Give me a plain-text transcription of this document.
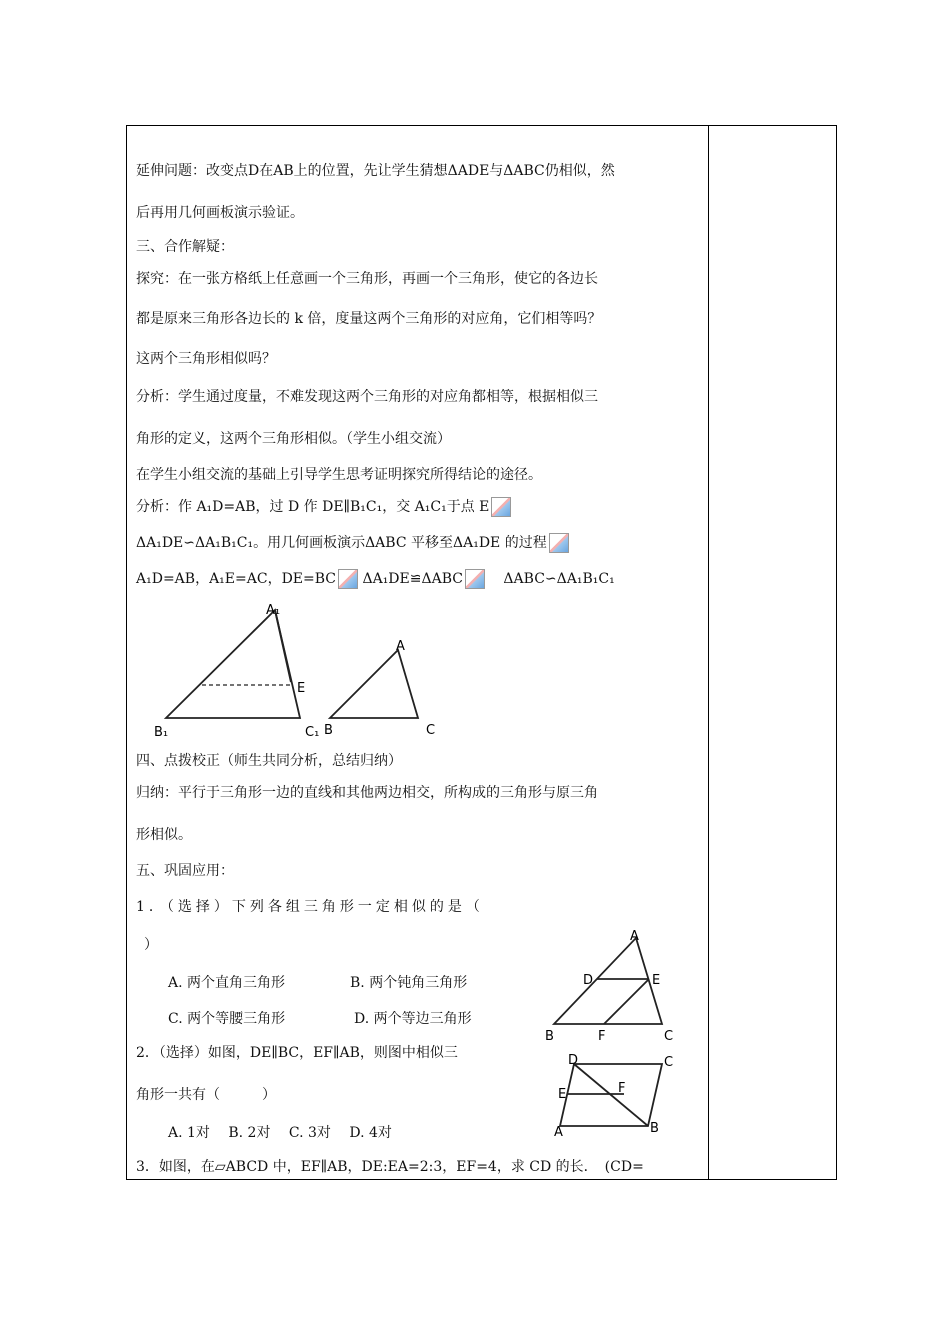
延伸问题：改变点D在AB上的位置，先让学生猜想ΔADE与ΔABC仍相似，然
后再用几何画板演示验证。
三、合作解疑：
探究：在一张方格纸上任意画一个三角形，再画一个三角形，使它的各边长
都是原来三角形各边长的 k 倍，度量这两个三角形的对应角，它们相等吗？
这两个三角形相似吗？
分析：学生通过度量，不难发现这两个三角形的对应角都相等，根据相似三
角形的定义，这两个三角形相似。（学生小组交流）
在学生小组交流的基础上引导学生思考证明探究所得结论的途径。
分析：作 A₁D=AB，过 D 作 DE∥B₁C₁，交 A₁C₁于点 E
ΔA₁DE∽ΔA₁B₁C₁。用几何画板演示ΔABC 平移至ΔA₁DE 的过程
A₁D=AB，A₁E=AC，DE=BC ΔA₁DE≌ΔABC	ΔABC∽ΔA₁B₁C₁
A₁
E
B₁	C₁ B
A
C
四、点拨校正（师生共同分析，总结归纳）
归纳：平行于三角形一边的直线和其他两边相交，所构成的三角形与原三角
形相似。
五、巩固应用：
1．（选择）下列各组三角形一定相似的是（
）
A. 两个直角三角形	B. 两个钝角三角形
C. 两个等腰三角形	D. 两个等边三角形
2．（选择）如图，DE∥BC，EF∥AB，则图中相似三
角形一共有（　　　）
A. 1对　 B. 2对　 C. 3对　 D. 4对
3．如图，在▱ABCD 中，EF∥AB，DE:EA=2:3，EF=4，求 CD 的长．　(CD=
A
D	E
B	F	C
D	C
E	F
A	B
